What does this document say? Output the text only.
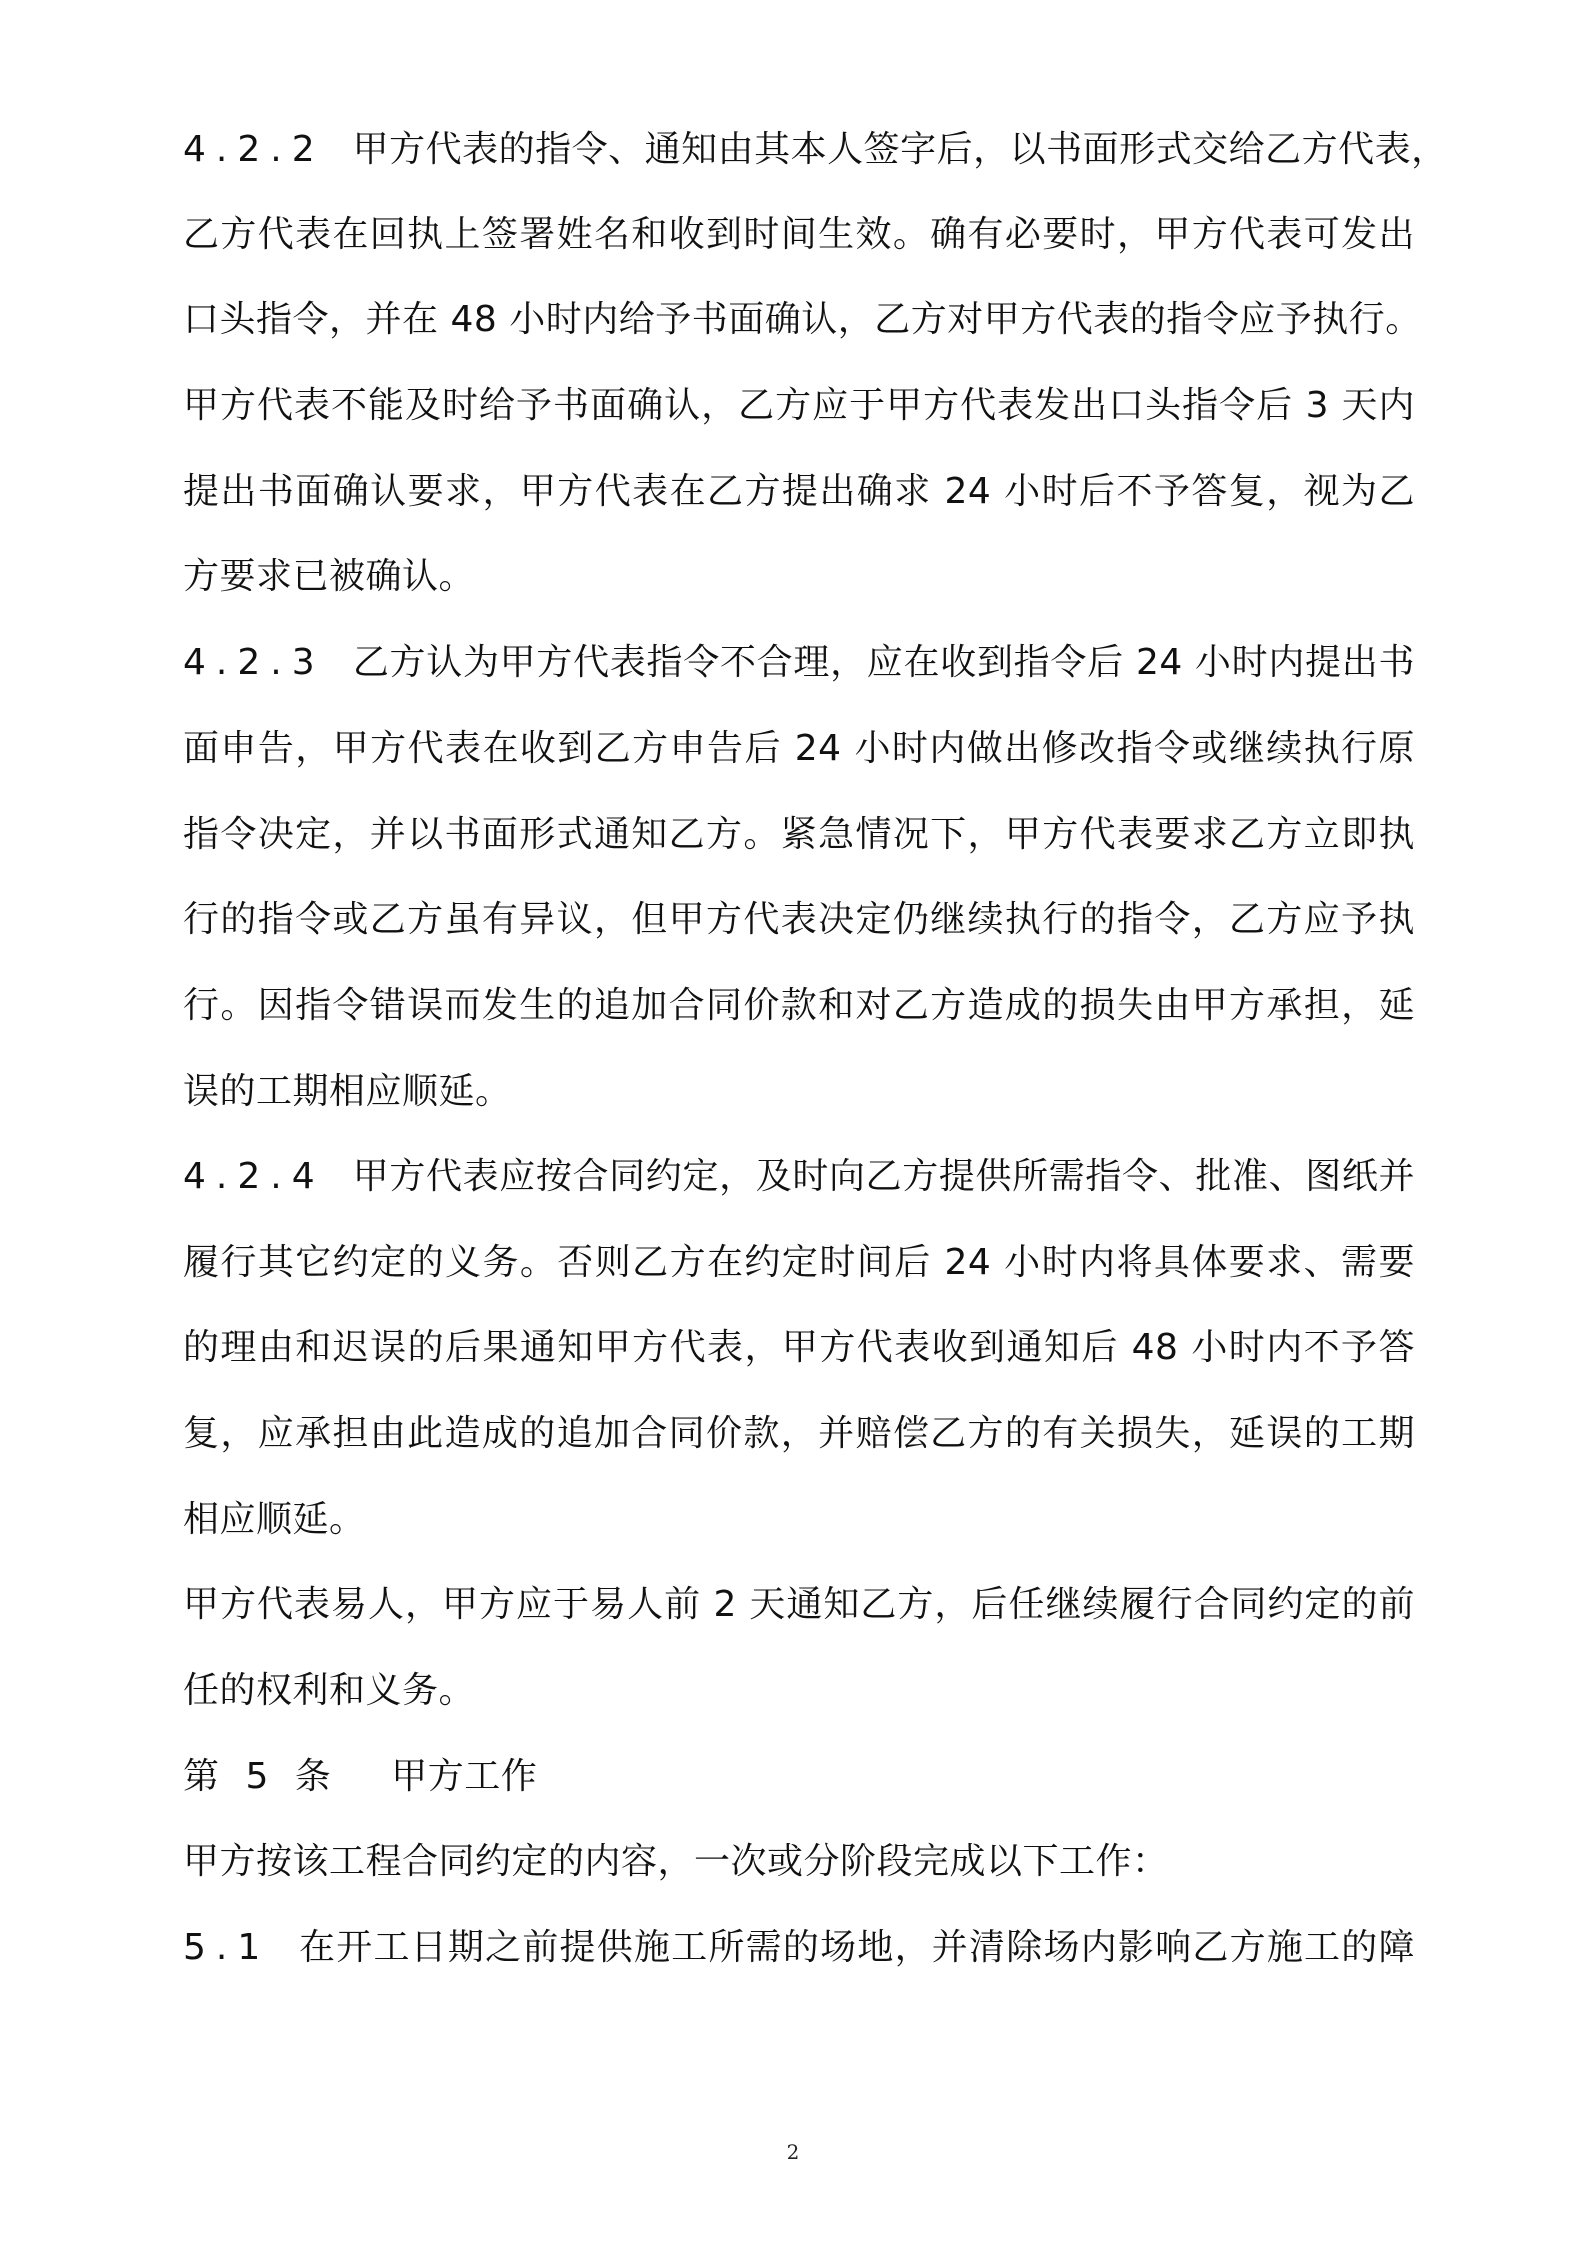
4.2.2 甲方代表的指令、通知由其本人签字后，以书面形式交给乙方代表，
乙方代表在回执上签署姓名和收到时间生效。确有必要时，甲方代表可发出
口头指令，并在 48 小时内给予书面确认，乙方对甲方代表的指令应予执行。
甲方代表不能及时给予书面确认，乙方应于甲方代表发出口头指令后 3 天内
提出书面确认要求，甲方代表在乙方提出确求 24 小时后不予答复，视为乙
方要求已被确认。
4.2.3 乙方认为甲方代表指令不合理，应在收到指令后 24 小时内提出书
面申告，甲方代表在收到乙方申告后 24 小时内做出修改指令或继续执行原
指令决定，并以书面形式通知乙方。紧急情况下，甲方代表要求乙方立即执
行的指令或乙方虽有异议，但甲方代表决定仍继续执行的指令，乙方应予执
行。因指令错误而发生的追加合同价款和对乙方造成的损失由甲方承担，延
误的工期相应顺延。
4.2.4 甲方代表应按合同约定，及时向乙方提供所需指令、批准、图纸并
履行其它约定的义务。否则乙方在约定时间后 24 小时内将具体要求、需要
的理由和迟误的后果通知甲方代表，甲方代表收到通知后 48 小时内不予答
复，应承担由此造成的追加合同价款，并赔偿乙方的有关损失，延误的工期
相应顺延。
甲方代表易人，甲方应于易人前 2 天通知乙方，后任继续履行合同约定的前
任的权利和义务。
第 5 条 甲方工作
甲方按该工程合同约定的内容，一次或分阶段完成以下工作：
5.1 在开工日期之前提供施工所需的场地，并清除场内影响乙方施工的障
2
